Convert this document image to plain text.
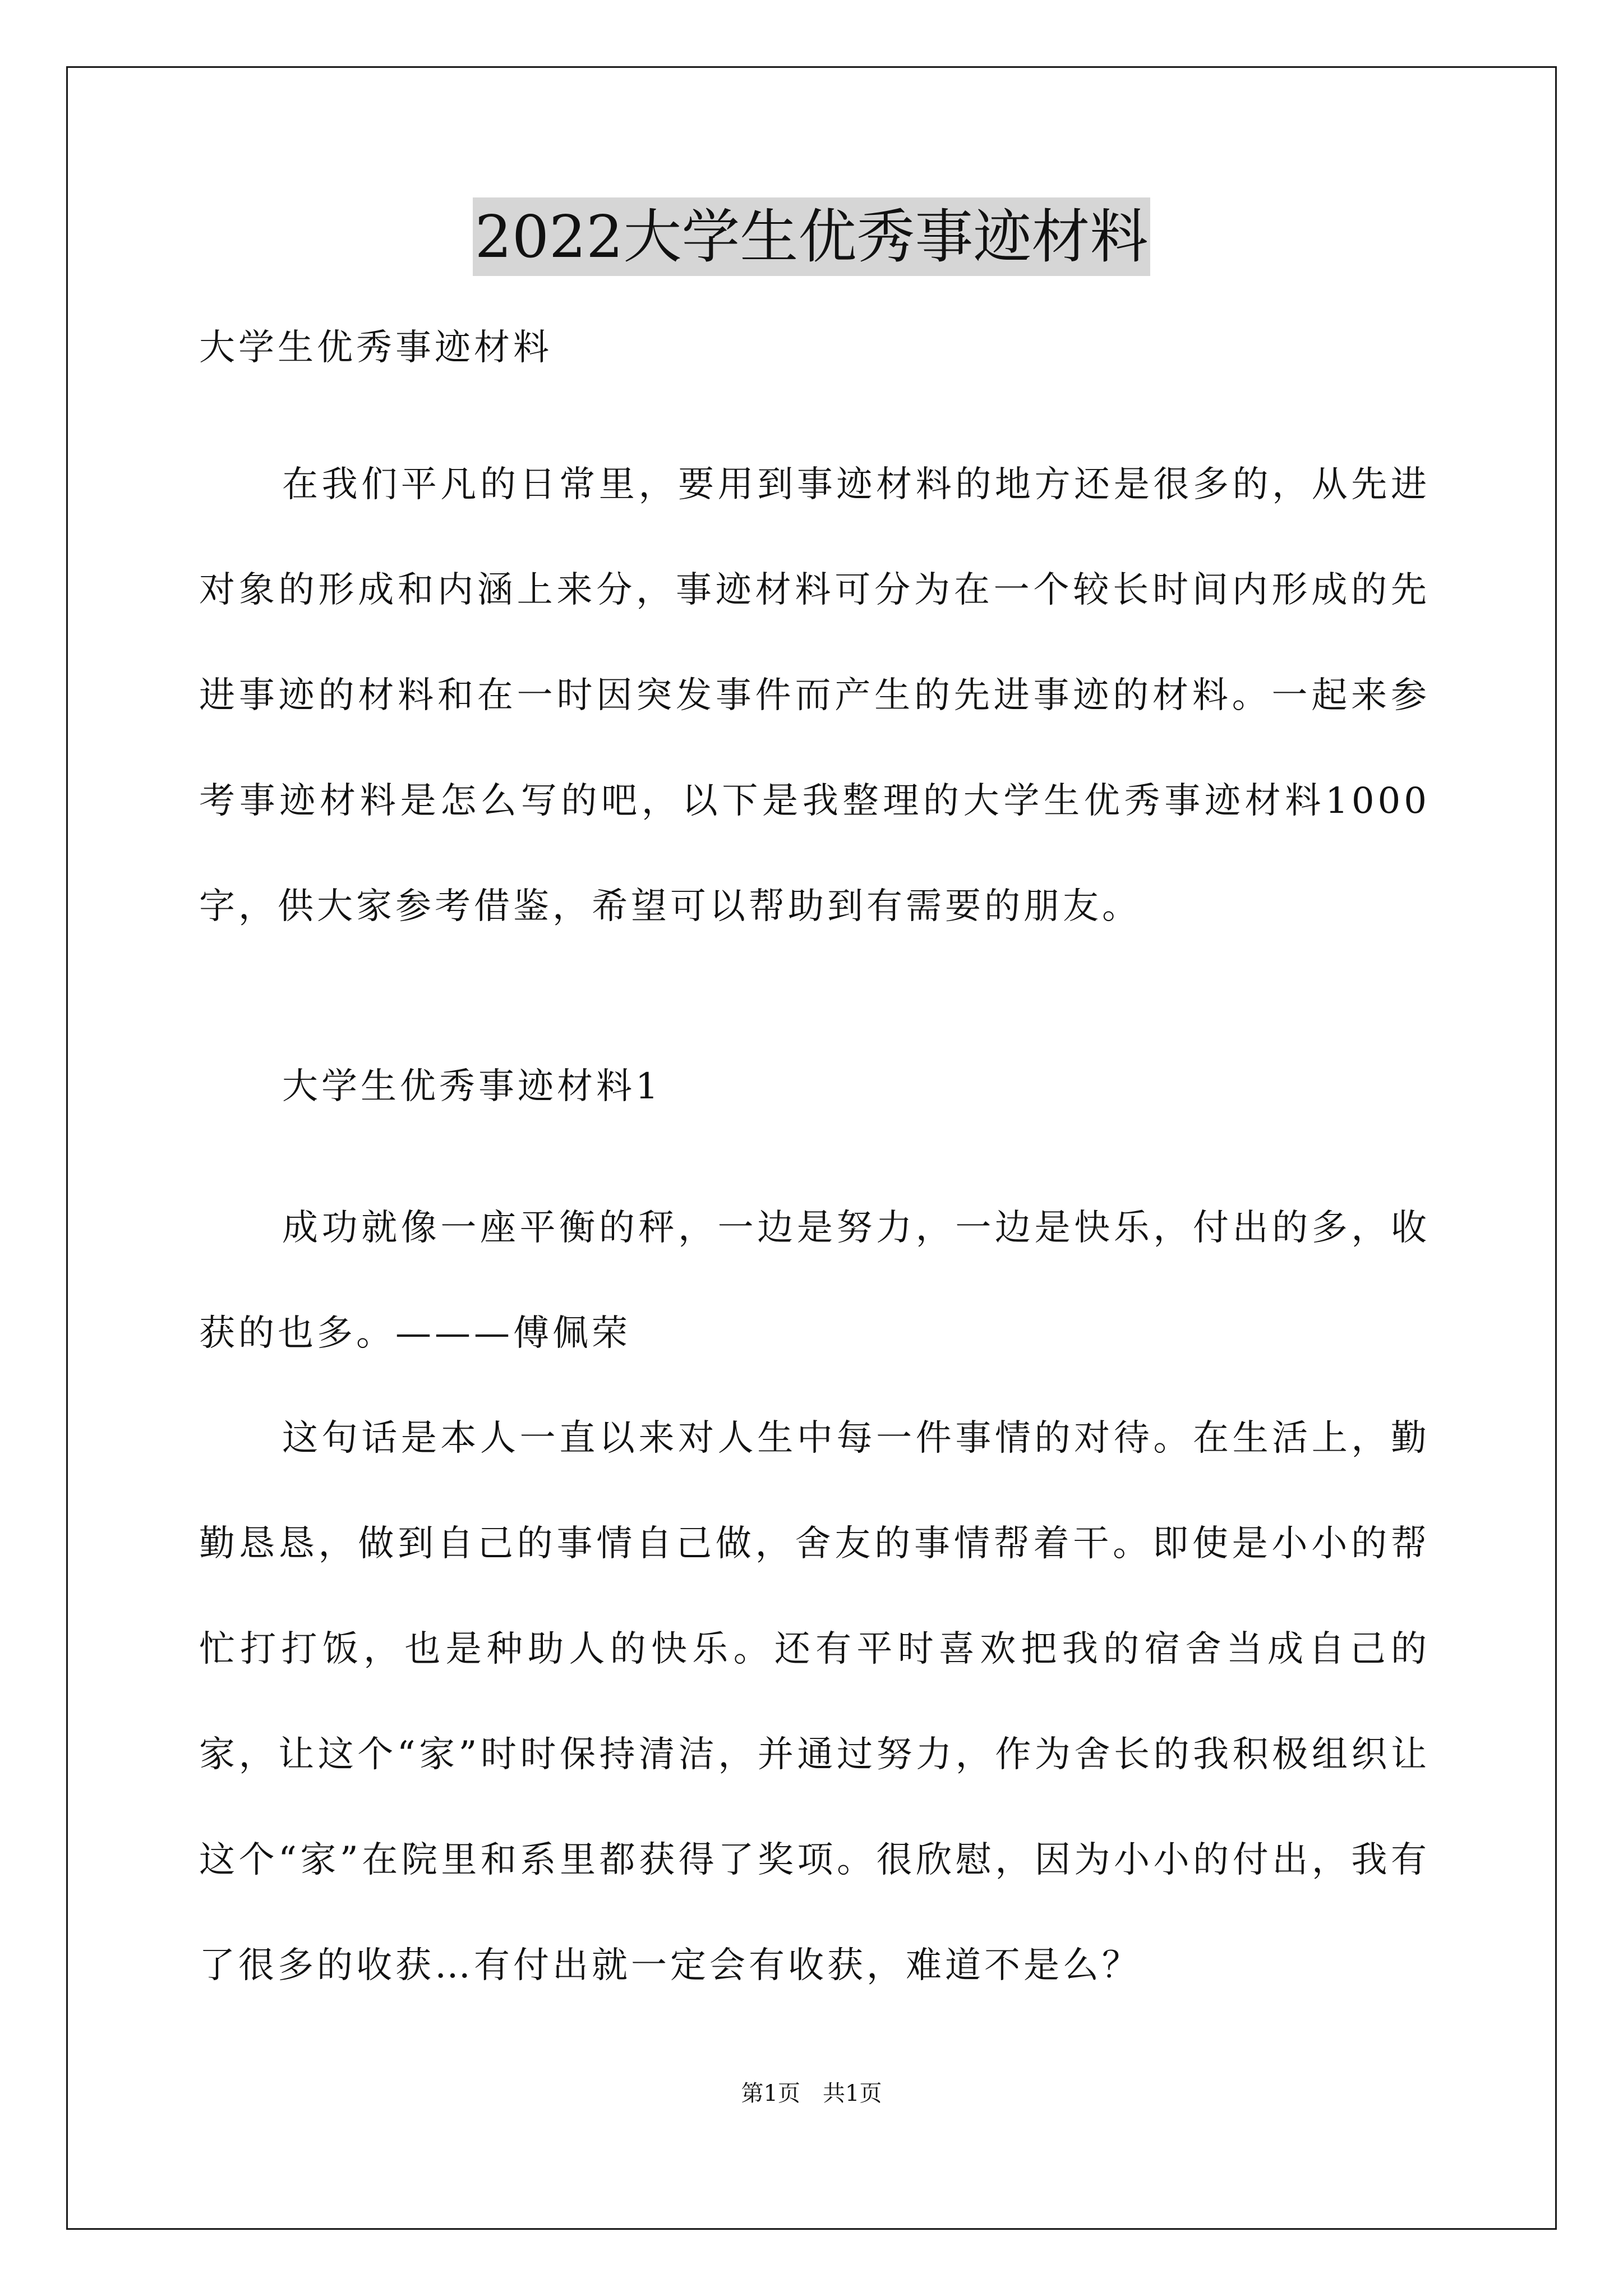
2022大学生优秀事迹材料

大学生优秀事迹材料

在我们平凡的日常里，要用到事迹材料的地方还是很多的，从先进对象的形成和内涵上来分，事迹材料可分为在一个较长时间内形成的先进事迹的材料和在一时因突发事件而产生的先进事迹的材料。一起来参考事迹材料是怎么写的吧，以下是我整理的大学生优秀事迹材料1000字，供大家参考借鉴，希望可以帮助到有需要的朋友。

大学生优秀事迹材料1

成功就像一座平衡的秤，一边是努力，一边是快乐，付出的多，收获的也多。———傅佩荣

这句话是本人一直以来对人生中每一件事情的对待。在生活上，勤勤恳恳，做到自己的事情自己做，舍友的事情帮着干。即使是小小的帮忙打打饭，也是种助人的快乐。还有平时喜欢把我的宿舍当成自己的家，让这个“家”时时保持清洁，并通过努力，作为舍长的我积极组织让这个“家”在院里和系里都获得了奖项。很欣慰，因为小小的付出，我有了很多的收获…有付出就一定会有收获，难道不是么？

第1页　共1页
